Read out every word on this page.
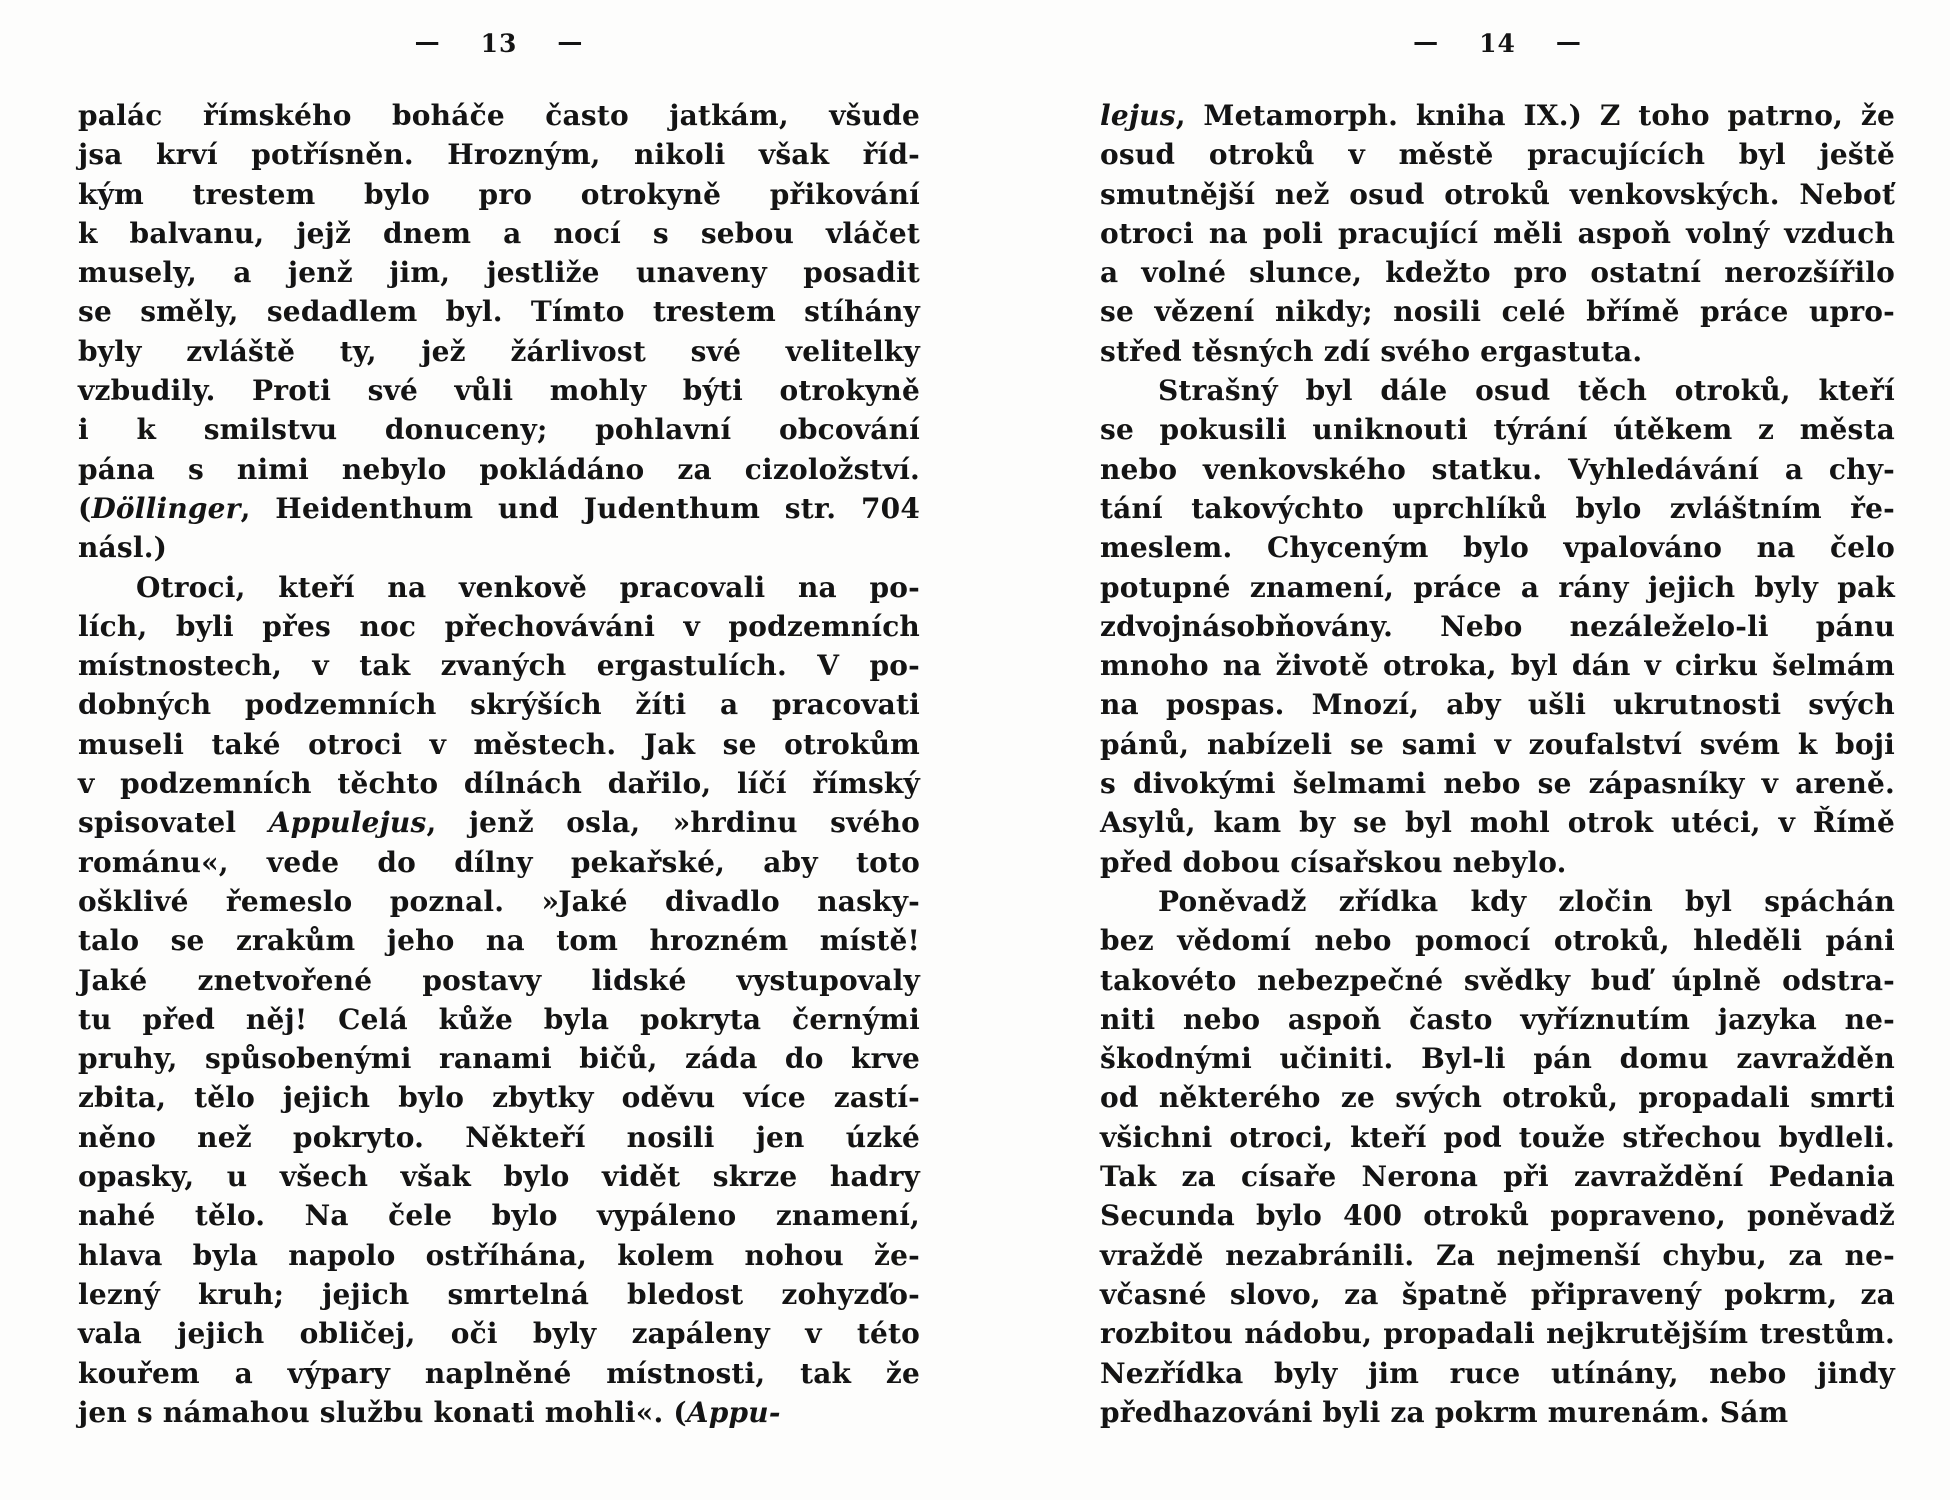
— 13 —
palác římského boháče často jatkám, všude
jsa krví potřísněn. Hrozným, nikoli však říd-
kým trestem bylo pro otrokyně přikování
k balvanu, jejž dnem a nocí s sebou vláčet
musely, a jenž jim, jestliže unaveny posadit
se směly, sedadlem byl. Tímto trestem stíhány
byly zvláště ty, jež žárlivost své velitelky
vzbudily. Proti své vůli mohly býti otrokyně
i k smilstvu donuceny; pohlavní obcování
pána s nimi nebylo pokládáno za cizoložství.
(Döllinger, Heidenthum und Judenthum str. 704
násl.)
Otroci, kteří na venkově pracovali na po-
lích, byli přes noc přechováváni v podzemních
místnostech, v tak zvaných ergastulích. V po-
dobných podzemních skrýších žíti a pracovati
museli také otroci v městech. Jak se otrokům
v podzemních těchto dílnách dařilo, líčí římský
spisovatel Appulejus, jenž osla, »hrdinu svého
románu«, vede do dílny pekařské, aby toto
ošklivé řemeslo poznal. »Jaké divadlo nasky-
talo se zrakům jeho na tom hrozném místě!
Jaké znetvořené postavy lidské vystupovaly
tu před něj! Celá kůže byla pokryta černými
pruhy, spůsobenými ranami bičů, záda do krve
zbita, tělo jejich bylo zbytky oděvu více zastí-
něno než pokryto. Někteří nosili jen úzké
opasky, u všech však bylo vidět skrze hadry
nahé tělo. Na čele bylo vypáleno znamení,
hlava byla napolo ostříhána, kolem nohou že-
lezný kruh; jejich smrtelná bledost zohyzďo-
vala jejich obličej, oči byly zapáleny v této
kouřem a výpary naplněné místnosti, tak že
jen s námahou službu konati mohli«. (Appu-
— 14 —
lejus, Metamorph. kniha IX.) Z toho patrno, že
osud otroků v městě pracujících byl ještě
smutnější než osud otroků venkovských. Neboť
otroci na poli pracující měli aspoň volný vzduch
a volné slunce, kdežto pro ostatní nerozšířilo
se vězení nikdy; nosili celé břímě práce upro-
střed těsných zdí svého ergastuta.
Strašný byl dále osud těch otroků, kteří
se pokusili uniknouti týrání útěkem z města
nebo venkovského statku. Vyhledávání a chy-
tání takovýchto uprchlíků bylo zvláštním ře-
meslem. Chyceným bylo vpalováno na čelo
potupné znamení, práce a rány jejich byly pak
zdvojnásobňovány. Nebo nezáleželo-li pánu
mnoho na životě otroka, byl dán v cirku šelmám
na pospas. Mnozí, aby ušli ukrutnosti svých
pánů, nabízeli se sami v zoufalství svém k boji
s divokými šelmami nebo se zápasníky v areně.
Asylů, kam by se byl mohl otrok utéci, v Římě
před dobou císařskou nebylo.
Poněvadž zřídka kdy zločin byl spáchán
bez vědomí nebo pomocí otroků, hleděli páni
takovéto nebezpečné svědky buď úplně odstra-
niti nebo aspoň často vyříznutím jazyka ne-
škodnými učiniti. Byl-li pán domu zavražděn
od některého ze svých otroků, propadali smrti
všichni otroci, kteří pod touže střechou bydleli.
Tak za císaře Nerona při zavraždění Pedania
Secunda bylo 400 otroků popraveno, poněvadž
vraždě nezabránili. Za nejmenší chybu, za ne-
včasné slovo, za špatně připravený pokrm, za
rozbitou nádobu, propadali nejkrutějším trestům.
Nezřídka byly jim ruce utínány, nebo jindy
předhazováni byli za pokrm murenám. Sám
